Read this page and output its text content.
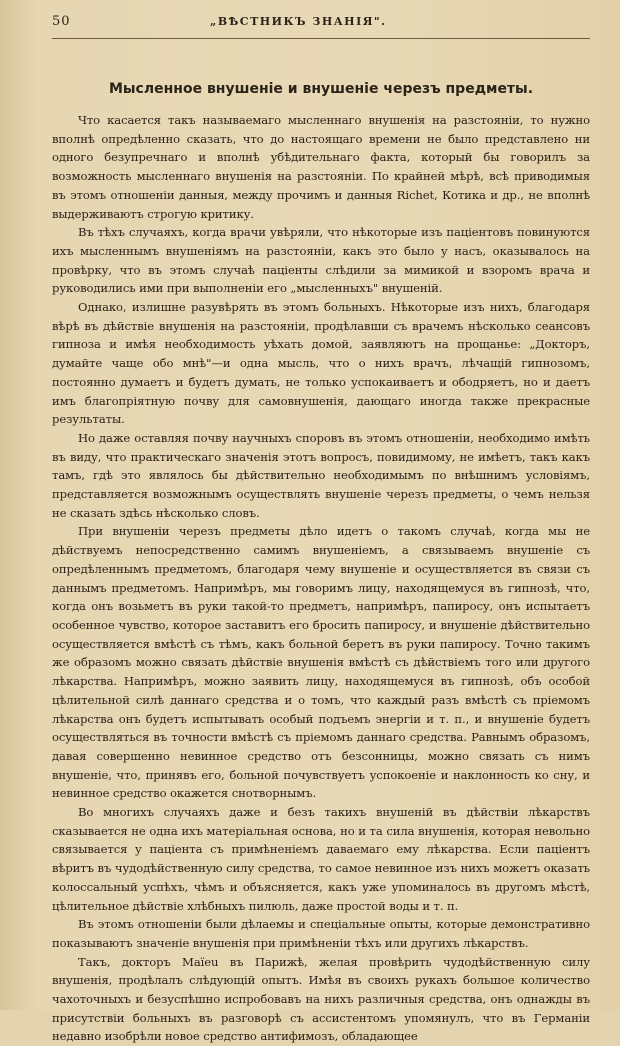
50	„ВѢСТНИКЪ ЗНАНІЯ".
Мысленное внушеніе и внушеніе черезъ предметы.

Что касается такъ называемаго мысленнаго внушенія на разстояніи, то нужно вполнѣ опредѣленно сказать, что до настоящаго времени не было представлено ни одного безупречнаго и вполнѣ убѣдительнаго факта, который бы говорилъ за возможность мысленнаго внушенія на разстояніи. По крайней мѣрѣ, всѣ приводимыя въ этомъ отношеніи данныя, между прочимъ и данныя Richet, Котика и др., не вполнѣ выдерживаютъ строгую критику.

Въ тѣхъ случаяхъ, когда врачи увѣряли, что нѣкоторые изъ пацiентовъ повинуются ихъ мысленнымъ внушеніямъ на разстояніи, какъ это было у насъ, оказывалось на провѣрку, что въ этомъ случаѣ пацiенты слѣдили за мимикой и взоромъ врача и руководились ими при выполненіи его „мысленныхъ" внушеній.

Однако, излишне разувѣрять въ этомъ больныхъ. Нѣкоторые изъ нихъ, благодаря вѣрѣ въ дѣйствіе внушенія на разстояніи, продѣлавши съ врачемъ нѣсколько сеансовъ гипноза и имѣя необходимость уѣхать домой, заявляютъ на прощанье: „Докторъ, думайте чаще обо мнѣ"—и одна мысль, что о нихъ врачъ, лѣчащій гипнозомъ, постоянно думаетъ и будетъ думать, не только успокаиваетъ и ободряетъ, но и даетъ имъ благопріятную почву для самовнушенія, дающаго иногда также прекрасные результаты.

Но даже оставляя почву научныхъ споровъ въ этомъ отношеніи, необходимо имѣть въ виду, что практическаго значенія этотъ вопросъ, повидимому, не имѣетъ, такъ какъ тамъ, гдѣ это являлось бы дѣйствительно необходимымъ по внѣшнимъ условіямъ, представляется возможнымъ осуществлять внушеніе черезъ предметы, о чемъ нельзя не сказать здѣсь нѣсколько словъ.

При внушеніи черезъ предметы дѣло идетъ о такомъ случаѣ, когда мы не дѣйствуемъ непосредственно самимъ внушеніемъ, а связываемъ внушеніе съ опредѣленнымъ предметомъ, благодаря чему внушеніе и осуществляется въ связи съ даннымъ предметомъ. Напримѣръ, мы говоримъ лицу, находящемуся въ гипнозѣ, что, когда онъ возьметъ въ руки такой-то предметъ, напримѣръ, папиросу, онъ испытаетъ особенное чувство, которое заставитъ его бросить папиросу, и внушеніе дѣйствительно осуществляется вмѣстѣ съ тѣмъ, какъ больной беретъ въ руки папиросу. Точно такимъ же образомъ можно связать дѣйствіе внушенія вмѣстѣ съ дѣйствіемъ того или другого лѣкарства. Напримѣръ, можно заявить лицу, находящемуся въ гипнозѣ, объ особой цѣлительной силѣ даннаго средства и о томъ, что каждый разъ вмѣстѣ съ пріемомъ лѣкарства онъ будетъ испытывать особый подъемъ энергіи и т. п., и внушеніе будетъ осуществляться въ точности вмѣстѣ съ пріемомъ даннаго средства. Равнымъ образомъ, давая совершенно невинное средство отъ безсонницы, можно связать съ нимъ внушеніе, что, принявъ его, больной почувствуетъ успокоеніе и наклонность ко сну, и невинное средство окажется снотворнымъ.

Во многихъ случаяхъ даже и безъ такихъ внушеній въ дѣйствіи лѣкарствъ сказывается не одна ихъ матеріальная основа, но и та сила внушенія, которая невольно связывается у пацiента съ примѣненіемъ даваемаго ему лѣкарства. Если пацiентъ вѣритъ въ чудодѣйственную силу средства, то самое невинное изъ нихъ можетъ оказать колоссальный успѣхъ, чѣмъ и объясняется, какъ уже упоминалось въ другомъ мѣстѣ, цѣлительное дѣйствіе хлѣбныхъ пилюль, даже простой воды и т. п.

Въ этомъ отношеніи были дѣлаемы и спеціальные опыты, которые демонстративно показываютъ значеніе внушенія при примѣненіи тѣхъ или другихъ лѣкарствъ.

Такъ, докторъ Maïeu въ Парижѣ, желая провѣрить чудодѣйственную силу внушенія, продѣлалъ слѣдующій опытъ. Имѣя въ своихъ рукахъ большое количество чахоточныхъ и безуспѣшно испробовавъ на нихъ различныя средства, онъ однажды въ присутствіи больныхъ въ разговорѣ съ ассистентомъ упомянулъ, что въ Германіи недавно изобрѣли новое средство антифимозъ, обладающее
